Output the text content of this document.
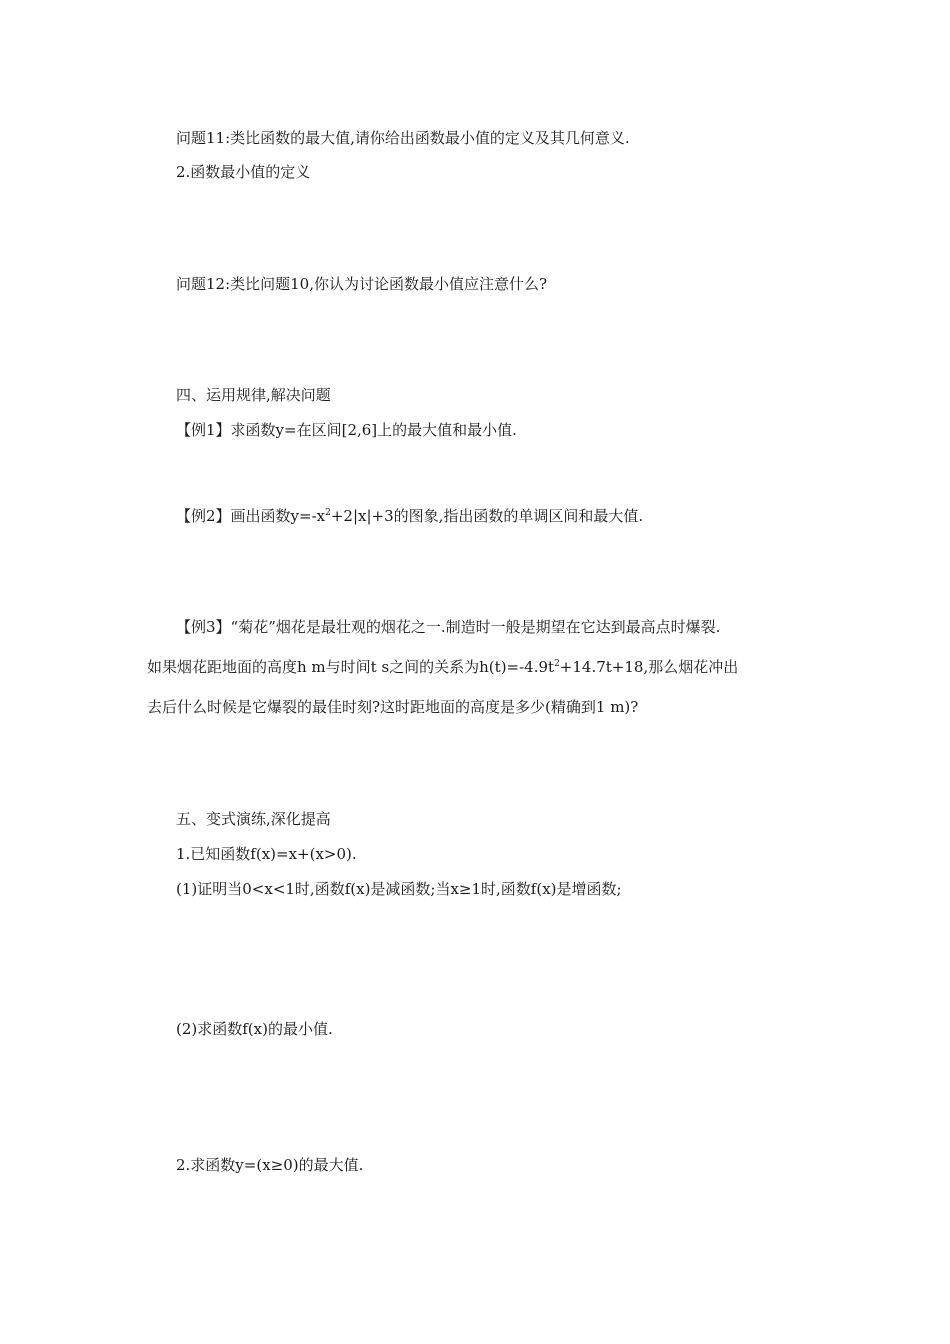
问题11:类比函数的最大值,请你给出函数最小值的定义及其几何意义.
2.函数最小值的定义
问题12:类比问题10,你认为讨论函数最小值应注意什么?
四、运用规律,解决问题
【例1】求函数y=在区间[2,6]上的最大值和最小值.
【例2】画出函数$y=-x^2+2|x|+3$的图象,指出函数的单调区间和最大值.
【例3】“菊花”烟花是最壮观的烟花之一.制造时一般是期望在它达到最高点时爆裂.
如果烟花距地面的高度h m与时间t s之间的关系为$h(t)=-4.9t^2+14.7t+18$,那么烟花冲出
去后什么时候是它爆裂的最佳时刻?这时距地面的高度是多少(精确到1 m)?
五、变式演练,深化提高
1.已知函数f(x)=x+(x>0).
(1)证明当0<x<1时,函数f(x)是减函数;当x≥1时,函数f(x)是增函数;
(2)求函数f(x)的最小值.
2.求函数y=(x≥0)的最大值.
